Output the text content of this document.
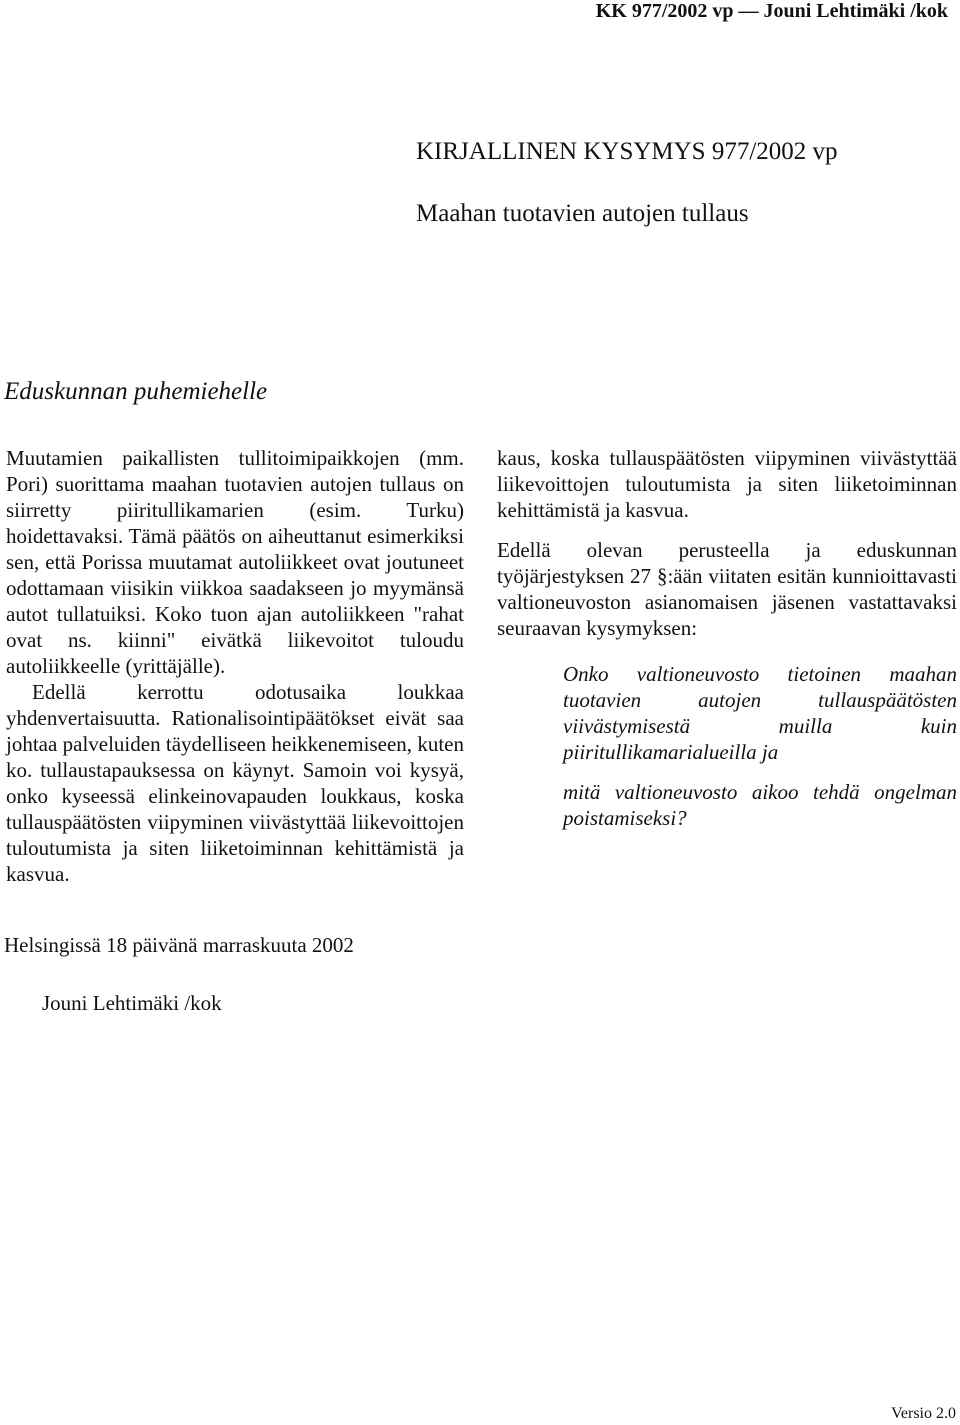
KK 977/2002 vp — Jouni Lehtimäki /kok
KIRJALLINEN KYSYMYS 977/2002 vp
Maahan tuotavien autojen tullaus
Eduskunnan puhemiehelle

Muutamien paikallisten tullitoimipaikkojen (mm. Pori) suorittama maahan tuotavien autojen tullaus on siirretty piiritullikamarien (esim. Turku) hoidettavaksi. Tämä päätös on aiheuttanut esimerkiksi sen, että Porissa muutamat autoliikkeet ovat joutuneet odottamaan viisikin viikkoa saadakseen jo myymänsä autot tullatuiksi. Koko tuon ajan autoliikkeen "rahat ovat ns. kiinni" eivätkä liikevoitot tuloudu autoliikkeelle (yrittäjälle).

Edellä kerrottu odotusaika loukkaa yhdenvertaisuutta. Rationalisointipäätökset eivät saa johtaa palveluiden täydelliseen heikkenemiseen, kuten ko. tullaustapauksessa on käynyt. Samoin voi kysyä, onko kyseessä elinkeinovapauden loukkaus, koska tullauspäätösten viipyminen viivästyttää liikevoittojen tuloutumista ja siten liiketoiminnan kehittämistä ja kasvua.

kaus, koska tullauspäätösten viipyminen viivästyttää liikevoittojen tuloutumista ja siten liiketoiminnan kehittämistä ja kasvua.

Edellä olevan perusteella ja eduskunnan työjärjestyksen 27 §:ään viitaten esitän kunnioittavasti valtioneuvoston asianomaisen jäsenen vastattavaksi seuraavan kysymyksen:

Onko valtioneuvosto tietoinen maahan tuotavien autojen tullauspäätösten viivästymisestä muilla kuin piiritullikamarialueilla ja

mitä valtioneuvosto aikoo tehdä ongelman poistamiseksi?

Helsingissä 18 päivänä marraskuuta 2002
Jouni Lehtimäki /kok
Versio 2.0
